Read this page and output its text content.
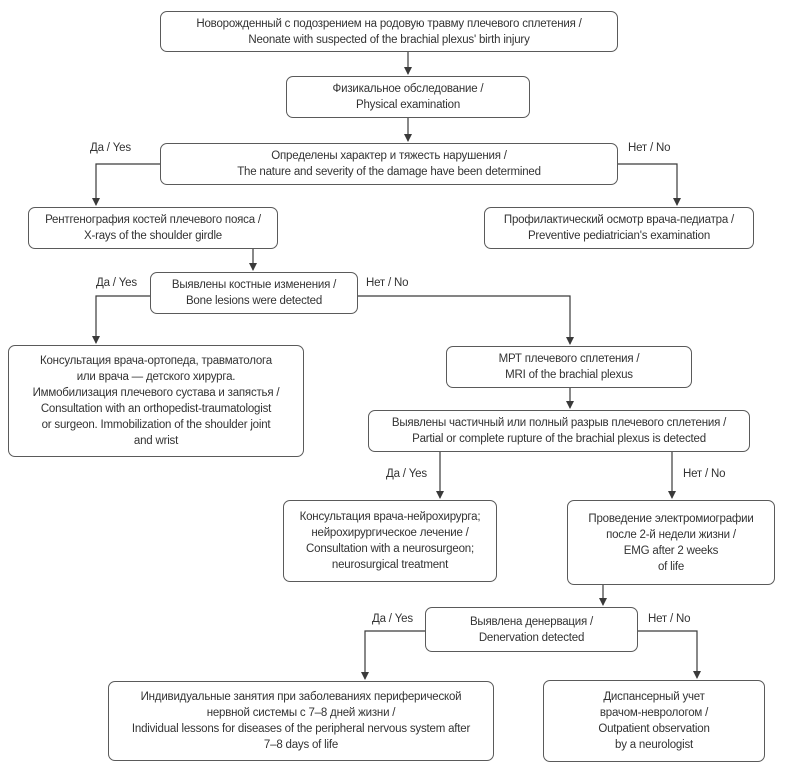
Новорожденный с подозрением на родовую травму плечевого сплетения /
Neonate with suspected of the brachial plexus' birth injury
Физикальное обследование /
Physical examination
Определены характер и тяжесть нарушения /
The nature and severity of the damage have been determined
Да / Yes	Нет / No
Рентгенография костей плечевого пояса /
X-rays of the shoulder girdle
Профилактический осмотр врача-педиатра /
Preventive pediatrician's examination
Выявлены костные изменения /
Bone lesions were detected
Да / Yes	Нет / No
Консультация врача-ортопеда, травматолога
или врача — детского хирурга.
Иммобилизация плечевого сустава и запястья /
Consultation with an orthopedist-traumatologist
or surgeon. Immobilization of the shoulder joint
and wrist
МРТ плечевого сплетения /
MRI of the brachial plexus
Выявлены частичный или полный разрыв плечевого сплетения /
Partial or complete rupture of the brachial plexus is detected
Да / Yes	Нет / No
Консультация врача-нейрохирурга;
нейрохирургическое лечение /
Consultation with a neurosurgeon;
neurosurgical treatment
Проведение электромиографии
после 2-й недели жизни /
EMG after 2 weeks
of life
Выявлена денервация /
Denervation detected
Да / Yes	Нет / No
Индивидуальные занятия при заболеваниях периферической
нервной системы с 7–8 дней жизни /
Individual lessons for diseases of the peripheral nervous system after
7–8 days of life
Диспансерный учет
врачом-неврологом /
Outpatient observation
by a neurologist
